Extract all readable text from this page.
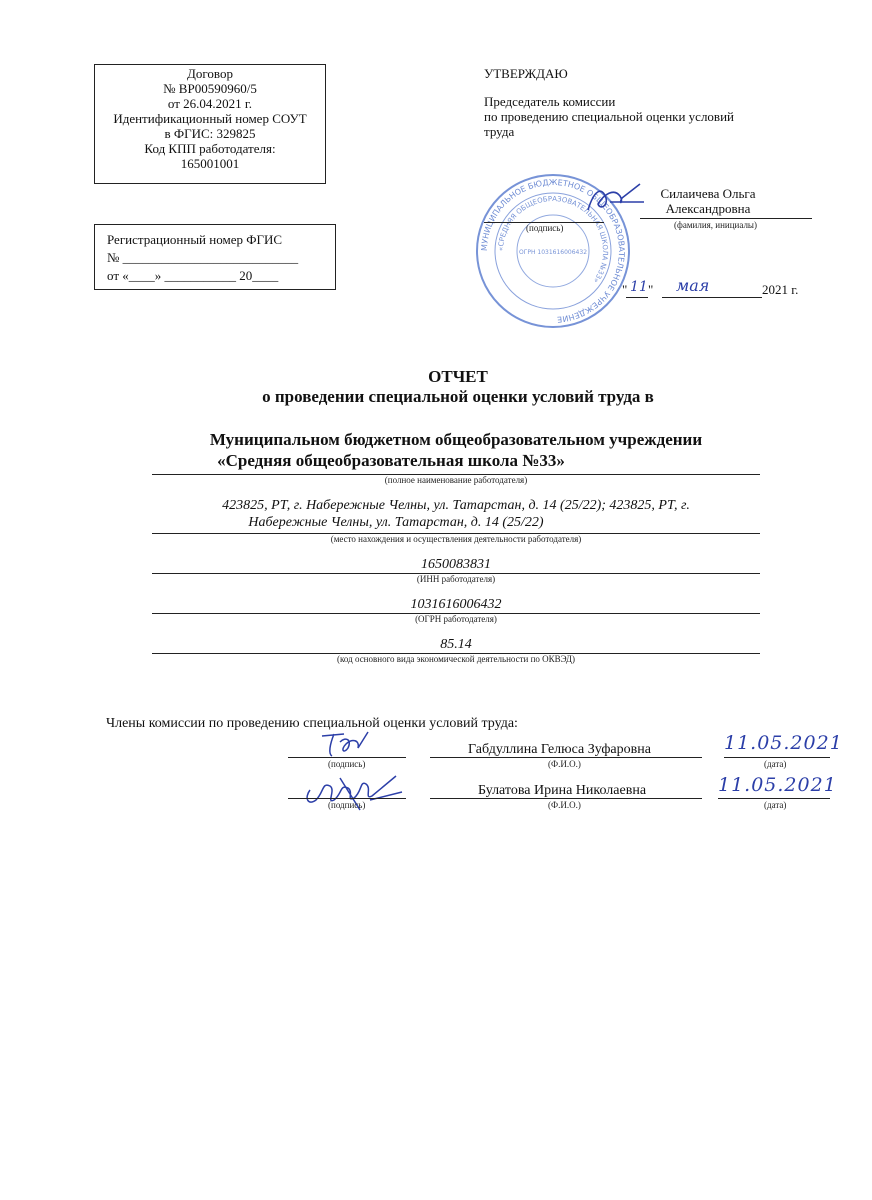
Договор
№ ВР00590960/5
от 26.04.2021 г.
Идентификационный номер СОУТ
в ФГИС: 329825
Код КПП работодателя:
165001001
Регистрационный номер ФГИС
№ ___________________________
от «____» ___________ 20____
УТВЕРЖДАЮ
Председатель комиссии
по проведению специальной оценки условий
труда
МУНИЦИПАЛЬНОЕ БЮДЖЕТНОЕ ОБЩЕОБРАЗОВАТЕЛЬНОЕ УЧРЕЖДЕНИЕ
«СРЕДНЯЯ ОБЩЕОБРАЗОВАТЕЛЬНАЯ ШКОЛА №33»
ОГРН 1031616006432
Силаичева Ольга
Александровна
(подпись)	(фамилия, инициалы)
" 11 " мая	2021 г.
ОТЧЕТ
о проведении специальной оценки условий труда в
Муниципальном бюджетном общеобразовательном учреждении
«Средняя общеобразовательная школа №33»
(полное наименование работодателя)
423825, РТ, г. Набережные Челны, ул. Татарстан, д. 14 (25/22); 423825, РТ, г.
Набережные Челны, ул. Татарстан, д. 14 (25/22)
(место нахождения и осуществления деятельности работодателя)
1650083831
(ИНН работодателя)
1031616006432
(ОГРН работодателя)
85.14
(код основного вида экономической деятельности по ОКВЭД)
Члены комиссии по проведению специальной оценки условий труда:
(подпись)
Габдуллина Гелюса Зуфаровна
(Ф.И.О.)
11.05.2021
(дата)
(подпись)
Булатова Ирина Николаевна
(Ф.И.О.)
11.05.2021
(дата)
